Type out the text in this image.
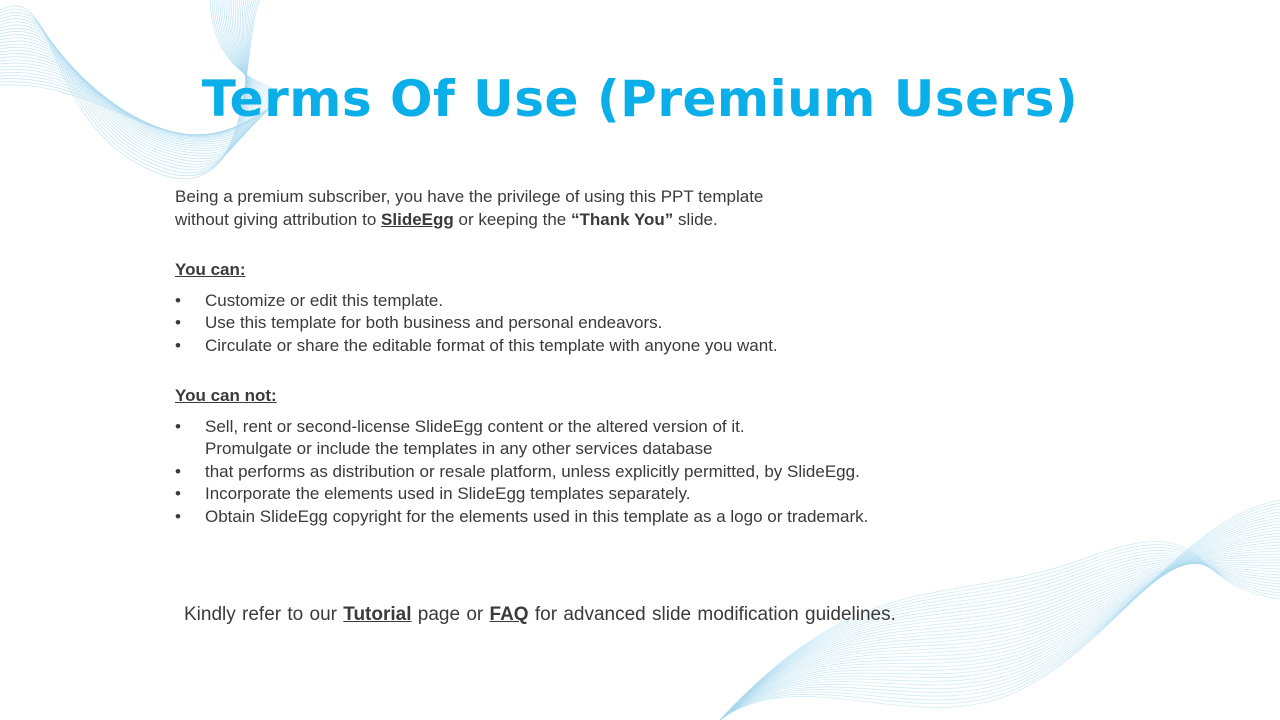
Terms Of Use (Premium Users)

Being a premium subscriber, you have the privilege of using this PPT template
without giving attribution to SlideEgg or keeping the “Thank You” slide.

You can:
• Customize or edit this template.
• Use this template for both business and personal endeavors.
• Circulate or share the editable format of this template with anyone you want.
You can not:
• Sell, rent or second-license SlideEgg content or the altered version of it.
Promulgate or include the templates in any other services database
• that performs as distribution or resale platform, unless explicitly permitted, by SlideEgg.
• Incorporate the elements used in SlideEgg templates separately.
• Obtain SlideEgg copyright for the elements used in this template as a logo or trademark.
Kindly refer to our Tutorial page or FAQ for advanced slide modification guidelines.
